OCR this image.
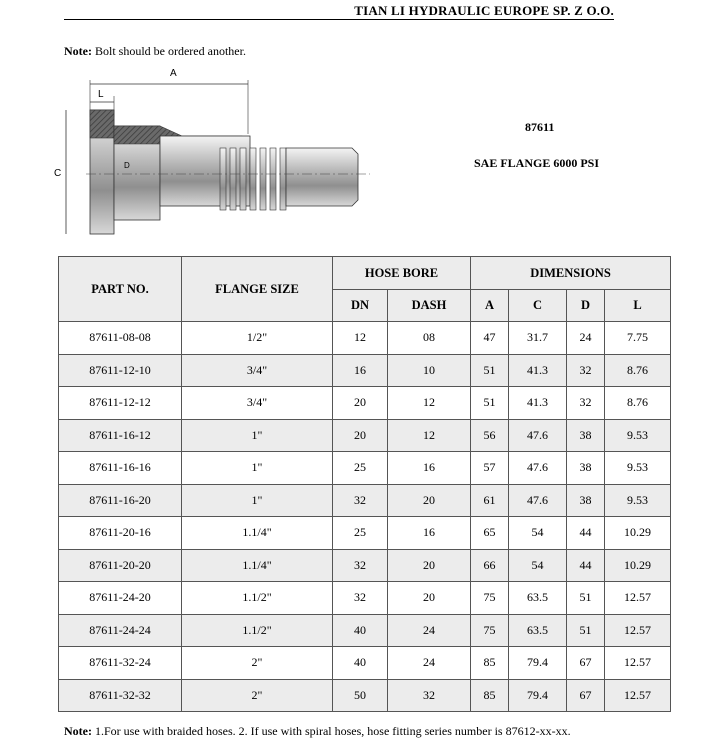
TIAN LI HYDRAULIC EUROPE SP. Z O.O.
Note: Bolt should be ordered another.
A
L
C
D
87611
SAE FLANGE 6000 PSI
PART NO.	FLANGE SIZE	HOSE BORE		DIMENSIONS			
		DN	DASH	A	C	D	L
87611-08-08	1/2"	12	08	47	31.7	24	7.75
87611-12-10	3/4"	16	10	51	41.3	32	8.76
87611-12-12	3/4"	20	12	51	41.3	32	8.76
87611-16-12	1"	20	12	56	47.6	38	9.53
87611-16-16	1"	25	16	57	47.6	38	9.53
87611-16-20	1"	32	20	61	47.6	38	9.53
87611-20-16	1.1/4"	25	16	65	54	44	10.29
87611-20-20	1.1/4"	32	20	66	54	44	10.29
87611-24-20	1.1/2"	32	20	75	63.5	51	12.57
87611-24-24	1.1/2"	40	24	75	63.5	51	12.57
87611-32-24	2"	40	24	85	79.4	67	12.57
87611-32-32	2"	50	32	85	79.4	67	12.57
Note: 1.For use with braided hoses. 2. If use with spiral hoses, hose fitting series number is 87612-xx-xx.
